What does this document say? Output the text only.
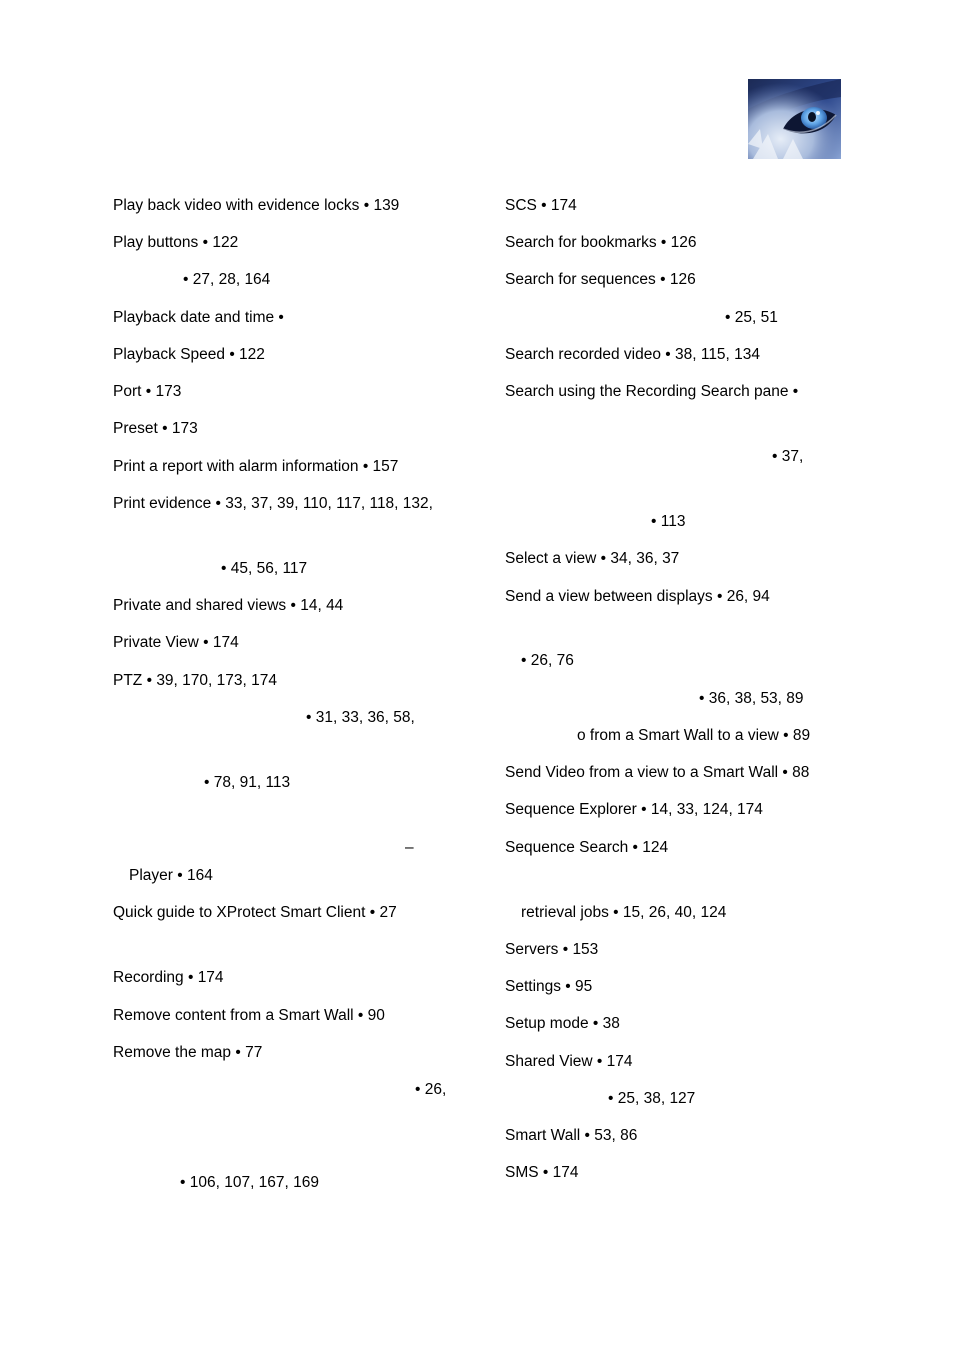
Play back video with evidence locks • 139
Play buttons • 122
• 27, 28, 164
Playback date and time •
Playback Speed • 122
Port • 173
Preset • 173
Print a report with alarm information • 157
Print evidence • 33, 37, 39, 110, 117, 118, 132,
• 45, 56, 117
Private and shared views • 14, 44
Private View • 174
PTZ • 39, 170, 173, 174
• 31, 33, 36, 58,
• 78, 91, 113
–
Player • 164
Quick guide to XProtect Smart Client • 27
Recording • 174
Remove content from a Smart Wall • 90
Remove the map • 77
• 26,
• 106, 107, 167, 169
SCS • 174
Search for bookmarks • 126
Search for sequences • 126
• 25, 51
Search recorded video • 38, 115, 134
Search using the Recording Search pane •
• 37,
• 113
Select a view • 34, 36, 37
Send a view between displays • 26, 94
• 26, 76
• 36, 38, 53, 89
o from a Smart Wall to a view • 89
Send Video from a view to a Smart Wall • 88
Sequence Explorer • 14, 33, 124, 174
Sequence Search • 124
retrieval jobs • 15, 26, 40, 124
Servers • 153
Settings • 95
Setup mode • 38
Shared View • 174
• 25, 38, 127
Smart Wall • 53, 86
SMS • 174
